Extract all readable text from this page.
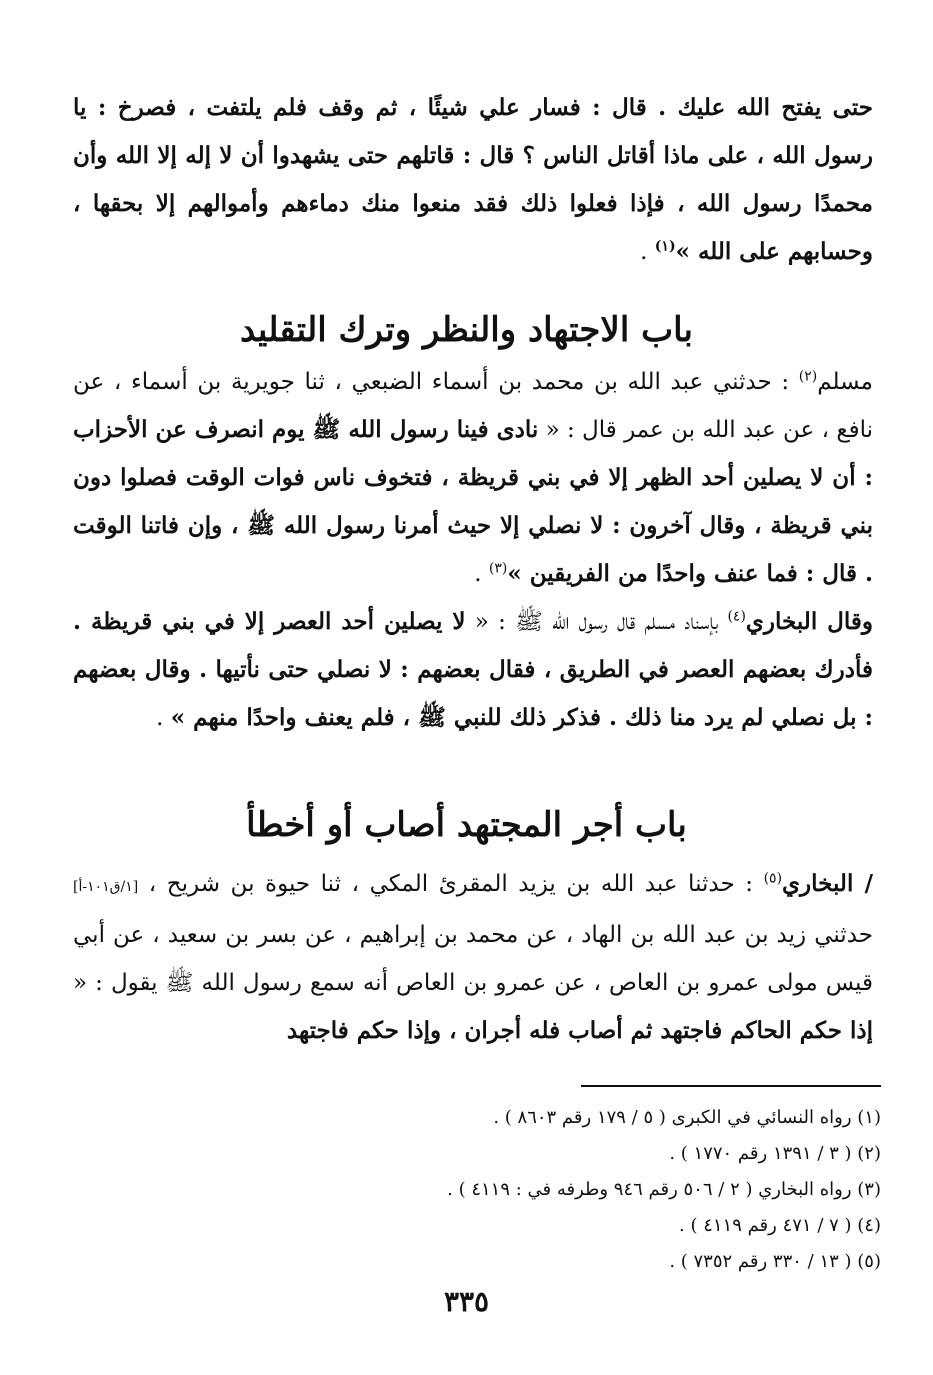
حتى يفتح الله عليك . قال : فسار علي شيئًا ، ثم وقف فلم يلتفت ، فصرخ : يا رسول الله ، على ماذا أقاتل الناس ؟ قال : قاتلهم حتى يشهدوا أن لا إله إلا الله وأن محمدًا رسول الله ، فإذا فعلوا ذلك فقد منعوا منك دماءهم وأموالهم إلا بحقها ، وحسابهم على الله »$^{(١)}$ .

باب الاجتهاد والنظر وترك التقليد

مسلم$^{(٢)}$ : حدثني عبد الله بن محمد بن أسماء الضبعي ، ثنا جويرية بن أسماء ، عن نافع ، عن عبد الله بن عمر قال : « نادى فينا رسول الله ﷺ يوم انصرف عن الأحزاب : أن لا يصلين أحد الظهر إلا في بني قريظة ، فتخوف ناس فوات الوقت فصلوا دون بني قريظة ، وقال آخرون : لا نصلي إلا حيث أمرنا رسول الله ﷺ ، وإن فاتنا الوقت . قال : فما عنف واحدًا من الفريقين »$^{(٣)}$ .

وقال البخاري$^{(٤)}$ بإسناد مسلم قال رسول الله ﷺ : « لا يصلين أحد العصر إلا في بني قريظة . فأدرك بعضهم العصر في الطريق ، فقال بعضهم : لا نصلي حتى نأتيها . وقال بعضهم : بل نصلي لم يرد منا ذلك . فذكر ذلك للنبي ﷺ ، فلم يعنف واحدًا منهم » .

باب أجر المجتهد أصاب أو أخطأ

/ البخاري$^{(٥)}$ : حدثنا عبد الله بن يزيد المقرئ المكي ، ثنا حيوة بن شريح ، [١/ق١٠١-أ] حدثني زيد بن عبد الله بن الهاد ، عن محمد بن إبراهيم ، عن بسر بن سعيد ، عن أبي قيس مولى عمرو بن العاص ، عن عمرو بن العاص أنه سمع رسول الله ﷺ يقول : « إذا حكم الحاكم فاجتهد ثم أصاب فله أجران ، وإذا حكم فاجتهد

(١) رواه النسائي في الكبرى ( ٥ / ١٧٩ رقم ٨٦٠٣ ) .
(٢) ( ٣ / ١٣٩١ رقم ١٧٧٠ ) .
(٣) رواه البخاري ( ٢ / ٥٠٦ رقم ٩٤٦ وطرفه في : ٤١١٩ ) .
(٤) ( ٧ / ٤٧١ رقم ٤١١٩ ) .
(٥) ( ١٣ / ٣٣٠ رقم ٧٣٥٢ ) .
٣٣٥
